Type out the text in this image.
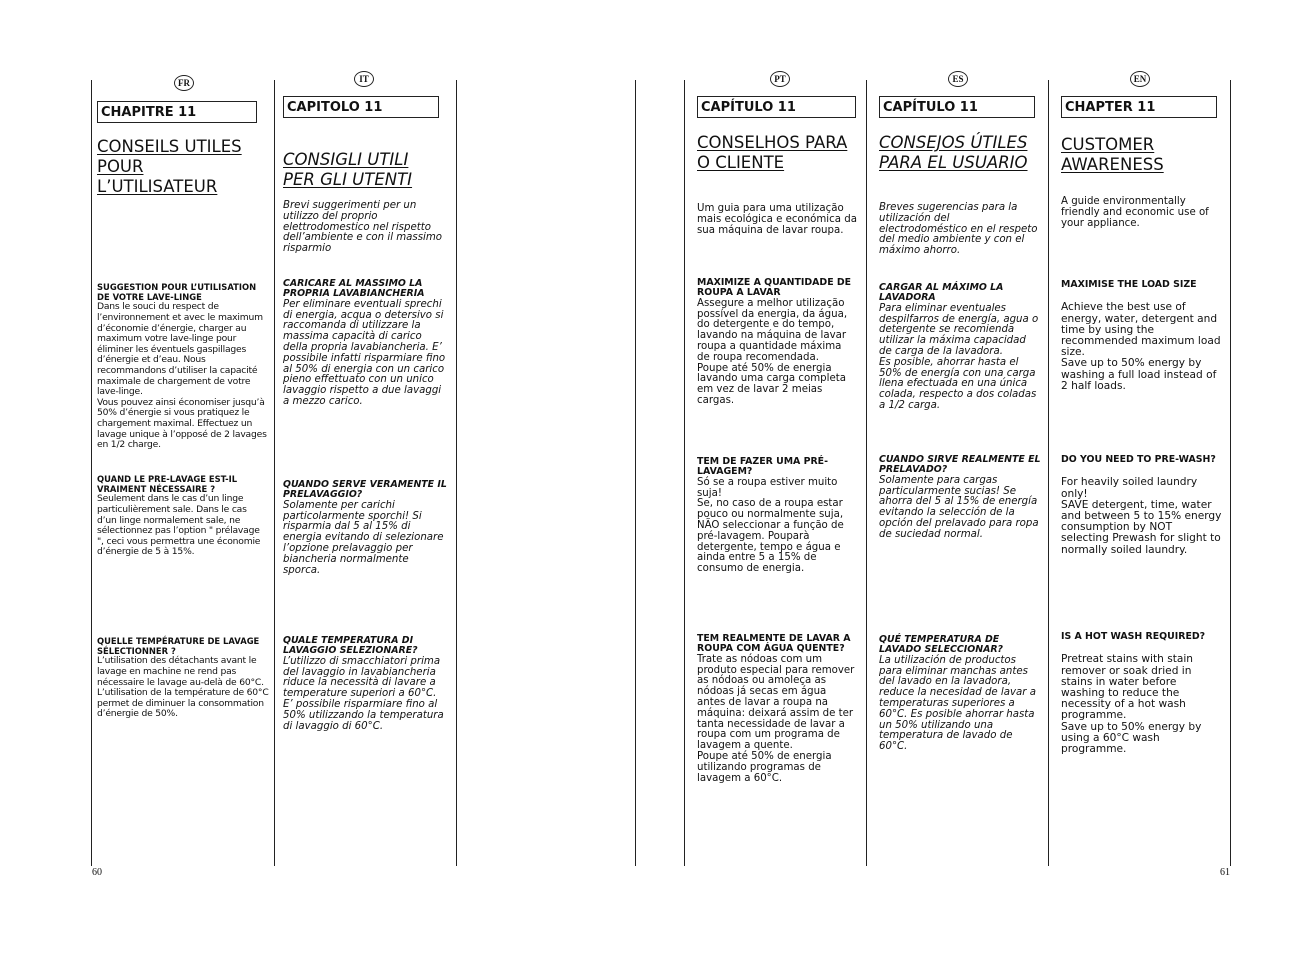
FR
CHAPITRE 11
CONSEILS UTILES POUR L’UTILISATEUR
SUGGESTION POUR L’UTILISATION DE VOTRE LAVE-LINGE

Dans le souci du respect de l’environnement et avec le maximum d’économie d’énergie, charger au maximum votre lave-linge pour éliminer les éventuels gaspillages d’énergie et d’eau. Nous recommandons d’utiliser la capacité maximale de chargement de votre lave-linge.
Vous pouvez ainsi économiser jusqu’à 50% d’énergie si vous pratiquez le chargement maximal. Effectuez un lavage unique à l’opposé de 2 lavages en 1/2 charge.

QUAND LE PRE-LAVAGE EST-IL VRAIMENT NÉCESSAIRE ?

Seulement dans le cas d’un linge particulièrement sale. Dans le cas d’un linge normalement sale, ne sélectionnez pas l’option " prélavage ", ceci vous permettra une économie d’énergie de 5 à 15%.

QUELLE TEMPÉRATURE DE LAVAGE SÉLECTIONNER ?

L’utilisation des détachants avant le lavage en machine ne rend pas nécessaire le lavage au-delà de 60°C. L’utilisation de la température de 60°C permet de diminuer la consommation d’énergie de 50%.

IT
CAPITOLO 11
CONSIGLI UTILI PER GLI UTENTI
Brevi suggerimenti per un utilizzo del proprio elettrodomestico nel rispetto dell’ambiente e con il massimo risparmio
CARICARE AL MASSIMO LA PROPRIA LAVABIANCHERIA

Per eliminare eventuali sprechi di energia, acqua o detersivo si raccomanda di utilizzare la massima capacità di carico della propria lavabiancheria. E’ possibile infatti risparmiare fino al 50% di energia con un carico pieno effettuato con un unico lavaggio rispetto a due lavaggi a mezzo carico.

QUANDO SERVE VERAMENTE IL PRELAVAGGIO?

Solamente per carichi particolarmente sporchi! Si risparmia dal 5 al 15% di energia evitando di selezionare l’opzione prelavaggio per biancheria normalmente sporca.

QUALE TEMPERATURA DI LAVAGGIO SELEZIONARE?

L’utilizzo di smacchiatori prima del lavaggio in lavabiancheria riduce la necessità di lavare a temperature superiori a 60°C. E’ possibile risparmiare fino al 50% utilizzando la temperatura di lavaggio di 60°C.

PT
CAPÍTULO 11
CONSELHOS PARA O CLIENTE
Um guia para uma utilização mais ecológica e económica da sua máquina de lavar roupa.
MAXIMIZE A QUANTIDADE DE ROUPA A LAVAR

Assegure a melhor utilização possível da energia, da água, do detergente e do tempo, lavando na máquina de lavar roupa a quantidade máxima de roupa recomendada.
Poupe até 50% de energia lavando uma carga completa em vez de lavar 2 meias cargas.

TEM DE FAZER UMA PRÉ-LAVAGEM?

Só se a roupa estiver muito suja!
Se, no caso de a roupa estar pouco ou normalmente suja, NÃO seleccionar a função de pré-lavagem. Pouparà detergente, tempo e água e ainda entre 5 a 15% de consumo de energia.

TEM REALMENTE DE LAVAR A ROUPA COM ÁGUA QUENTE?

Trate as nódoas com um produto especial para remover as nódoas ou amoleça as nódoas já secas em água antes de lavar a roupa na máquina: deixará assim de ter tanta necessidade de lavar a roupa com um programa de lavagem a quente.
Poupe até 50% de energia utilizando programas de lavagem a 60°C.

ES
CAPÍTULO 11
CONSEJOS ÚTILES PARA EL USUARIO
Breves sugerencias para la utilización del electrodoméstico en el respeto del medio ambiente y con el máximo ahorro.
CARGAR AL MÁXIMO LA LAVADORA

Para eliminar eventuales despilfarros de energía, agua o detergente se recomienda utilizar la máxima capacidad de carga de la lavadora.
Es posible, ahorrar hasta el 50% de energía con una carga llenа efectuada en una única colada, respecto a dos coladas a 1/2 carga.

CUANDO SIRVE REALMENTE EL PRELAVADO?

Solamente para cargas particularmente sucias! Se ahorra del 5 al 15% de energía evitando la selección de la opción del prelavado para ropa de suciedad normal.

QUÉ TEMPERATURA DE LAVADO SELECCIONAR?

La utilización de productos para eliminar manchas antes del lavado en la lavadora, reduce la necesidad de lavar a temperaturas superiores a 60°C. Es posible ahorrar hasta un 50% utilizando una temperatura de lavado de 60°C.

EN
CHAPTER 11
CUSTOMER AWARENESS
A guide environmentally friendly and economic use of your appliance.
MAXIMISE THE LOAD SIZE

Achieve the best use of energy, water, detergent and time by using the recommended maximum load size.
Save up to 50% energy by washing a full load instead of 2 half loads.

DO YOU NEED TO PRE-WASH?

For heavily soiled laundry only!
SAVE detergent, time, water and between 5 to 15% energy consumption by NOT selecting Prewash for slight to normally soiled laundry.

IS A HOT WASH REQUIRED?

Pretreat stains with stain remover or soak dried in stains in water before washing to reduce the necessity of a hot wash programme.
Save up to 50% energy by using a 60°C wash programme.

60	61
